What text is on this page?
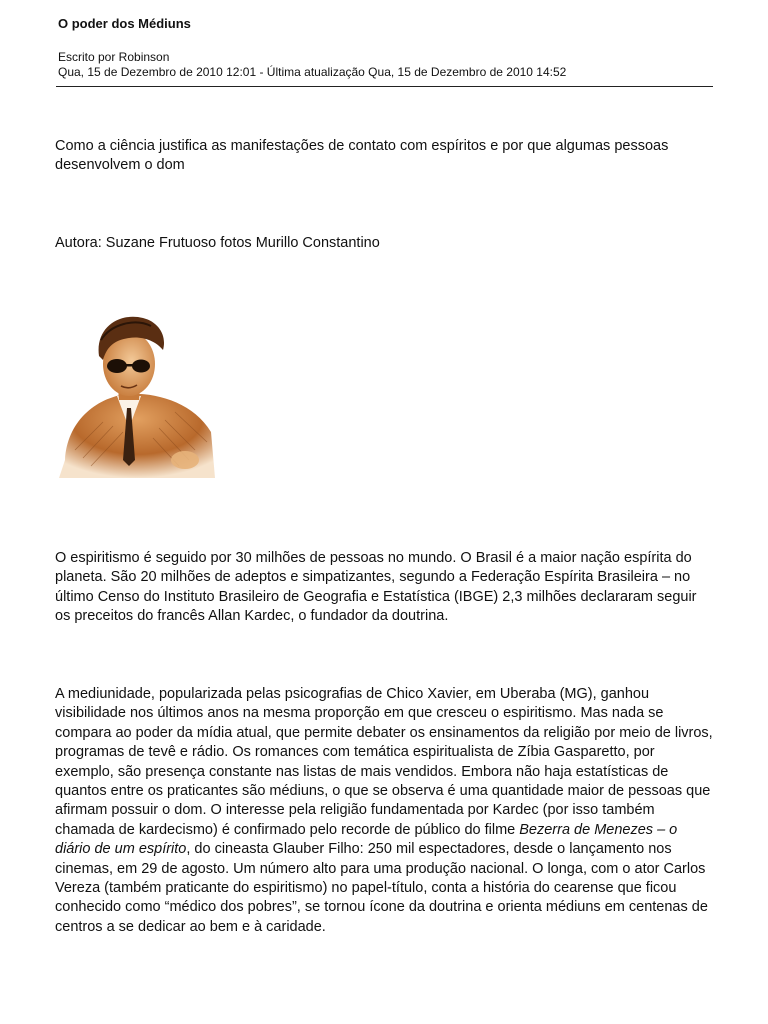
O poder dos Médiuns
Escrito por Robinson
Qua, 15 de Dezembro de 2010 12:01 - Última atualização Qua, 15 de Dezembro de 2010 14:52

Como a ciência justifica as manifestações de contato com espíritos e por que algumas pessoas desenvolvem o dom

Autora: Suzane Frutuoso fotos Murillo Constantino

O espiritismo é seguido por 30 milhões de pessoas no mundo. O Brasil é a maior nação espírita do planeta. São 20 milhões de adeptos e simpatizantes, segundo a Federação Espírita Brasileira – no último Censo do Instituto Brasileiro de Geografia e Estatística (IBGE) 2,3 milhões declararam seguir os preceitos do francês Allan Kardec, o fundador da doutrina.

A mediunidade, popularizada pelas psicografias de Chico Xavier, em Uberaba (MG), ganhou visibilidade nos últimos anos na mesma proporção em que cresceu o espiritismo. Mas nada se compara ao poder da mídia atual, que permite debater os ensinamentos da religião por meio de livros, programas de tevê e rádio. Os romances com temática espiritualista de Zíbia Gasparetto, por exemplo, são presença constante nas listas de mais vendidos. Embora não haja estatísticas de quantos entre os praticantes são médiuns, o que se observa é uma quantidade maior de pessoas que afirmam possuir o dom. O interesse pela religião fundamentada por Kardec (por isso também chamada de kardecismo) é confirmado pelo recorde de público do filme Bezerra de Menezes – o diário de um espírito, do cineasta Glauber Filho: 250 mil espectadores, desde o lançamento nos cinemas, em 29 de agosto. Um número alto para uma produção nacional. O longa, com o ator Carlos Vereza (também praticante do espiritismo) no papel-título, conta a história do cearense que ficou conhecido como “médico dos pobres”, se tornou ícone da doutrina e orienta médiuns em centenas de centros a se dedicar ao bem e à caridade.
